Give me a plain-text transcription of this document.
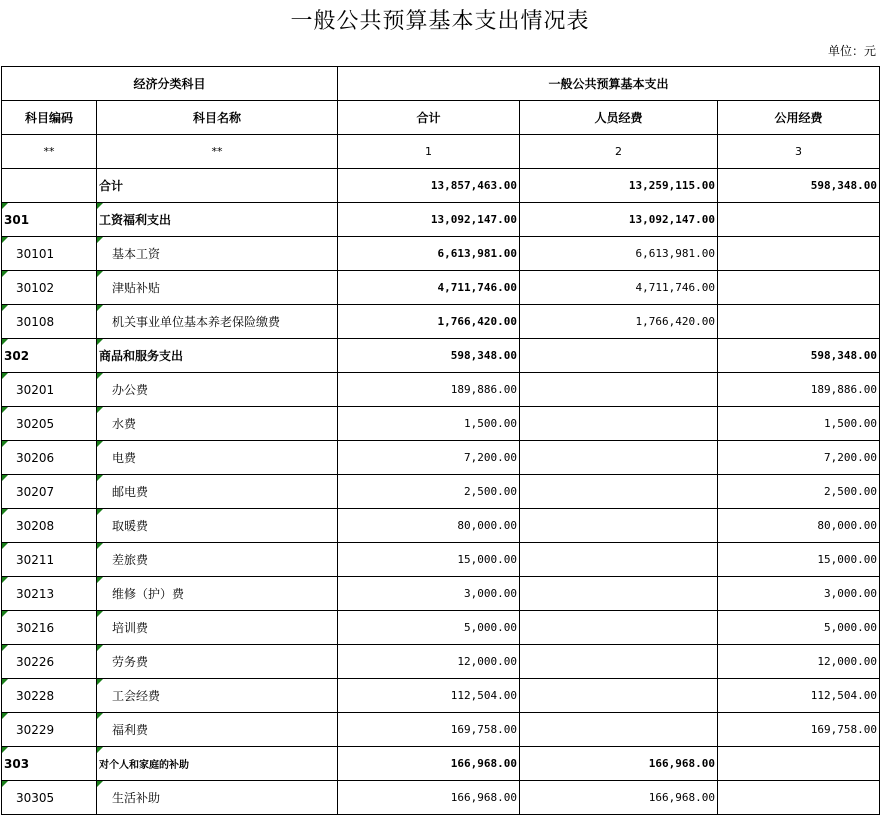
一般公共预算基本支出情况表
单位：元
经济分类科目		一般公共预算基本支出		
科目编码	科目名称	合计	人员经费	公用经费
**	**	1	2	3
	合计	13,857,463.00	13,259,115.00	598,348.00

301	工资福利支出	13,092,147.00	13,092,147.00	

30101	基本工资	6,613,981.00	6,613,981.00	

30102	津贴补贴	4,711,746.00	4,711,746.00	

30108	机关事业单位基本养老保险缴费	1,766,420.00	1,766,420.00	

302	商品和服务支出	598,348.00		598,348.00

30201	办公费	189,886.00		189,886.00

30205	水费	1,500.00		1,500.00

30206	电费	7,200.00		7,200.00

30207	邮电费	2,500.00		2,500.00

30208	取暖费	80,000.00		80,000.00

30211	差旅费	15,000.00		15,000.00

30213	维修（护）费	3,000.00		3,000.00

30216	培训费	5,000.00		5,000.00

30226	劳务费	12,000.00		12,000.00

30228	工会经费	112,504.00		112,504.00

30229	福利费	169,758.00		169,758.00

303	对个人和家庭的补助	166,968.00	166,968.00	

30305	生活补助	166,968.00	166,968.00	
